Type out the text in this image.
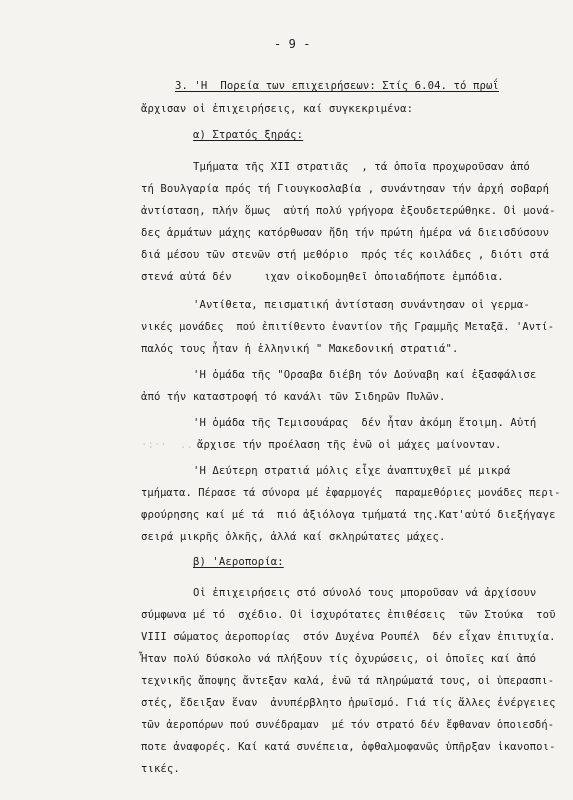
- 9 -
3. 'Η  Πορεία των επιχειρήσεων: Στίς 6.04. τό πρωΐ
ἄρχισαν οἱ ἐπιχειρήσεις, καί συγκεκριμένα:
α) Στρατός ξηράς:
Τμήματα τῆς XII στρατιᾶς  , τά ὁποῖα προχωροῦσαν ἀπό
τή Βουλγαρία πρός τή Γιουγκοσλαβία , συνάντησαν τήν ἀρχή σοβαρή
ἀντίσταση, πλήν ὅμως  αὐτή πολύ γρήγορα ἐξουδετερώθηκε. Οἱ μονά-
δες ἁρμάτων μάχης κατόρθωσαν ἤδη τήν πρώτη ἡμέρα νά διεισδύσουν
διά μέσου τῶν στενῶν στή μεθόριο  πρός τές κοιλάδες , διότι στά
στενά αὐτά δέν     ιχαν οἰκοδομηθεῖ ὁποιαδήποτε ἐμπόδια.
'Αντίθετα, πεισματική ἀντίσταση συνάντησαν οἱ γερμα-
νικές μονάδες  πού ἐπιτίθεντο ἐναντίον τῆς Γραμμῆς Μεταξᾶ. 'Αντί-
παλός τους ἦταν ἡ ἑλληνική " Μακεδονική στρατιά".
'Η ὁμάδα τῆς "Ορσαβα διέβη τόν Δούναβη καί ἐξασφάλισε
ἀπό τήν καταστροφή τό κανάλι τῶν Σιδηρῶν Πυλῶν.
'Η ὁμάδα τῆς Τεμισουάρας  δέν ἦταν ἀκόμη ἕτοιμη. Αὐτή
·:··  .. ἄρχισε τήν προέλαση τῆς ἐνῶ οἱ μάχες μαίνονταν.
'Η Δεύτερη στρατιά μόλις εἶχε ἀναπτυχθεῖ μέ μικρά
τμήματα. Πέρασε τά σύνορα μέ ἐφαρμογές  παραμεθόριες μονάδες περι-
φρούρησης καί μέ τά  πιό ἀξιόλογα τμήματά της.Κατ'αὐτό διεξήγαγε
σειρά μικρῆς ὁλκῆς, ἀλλά καί σκληρώτατες μάχες.
β) 'Αεροπορία:
Οἱ ἐπιχειρήσεις στό σύνολό τους μποροῦσαν νά ἀρχίσουν
σύμφωνα μέ τό  σχέδιο. Οἱ ἰσχυρότατες ἐπιθέσεις  τῶν Στούκα  τοῦ
VIII σώματος ἀεροπορίας  στόν Δυχένα Ρουπέλ  δέν εἶχαν ἐπιτυχία.
Ἦταν πολύ δύσκολο νά πλήξουν τίς ὀχυρώσεις, οἱ ὁποῖες καί ἀπό
τεχνικῆς ἄποψης ἄντεξαν καλά, ἐνῶ τά πληρώματά τους, οἱ ὑπερασπι-
στές, ἔδειξαν ἕναν  ἀνυπέρβλητο ἡρωϊσμό. Γιά τίς ἄλλες ἐνέργειες
τῶν ἀεροπόρων πού συνέδραμαν  μέ τόν στρατό δέν ἔφθαναν ὁποιεσδή-
ποτε ἀναφορές. Καί κατά συνέπεια, ὀφθαλμοφανῶς ὑπῆρξαν ἱκανοποι-
τικές.
